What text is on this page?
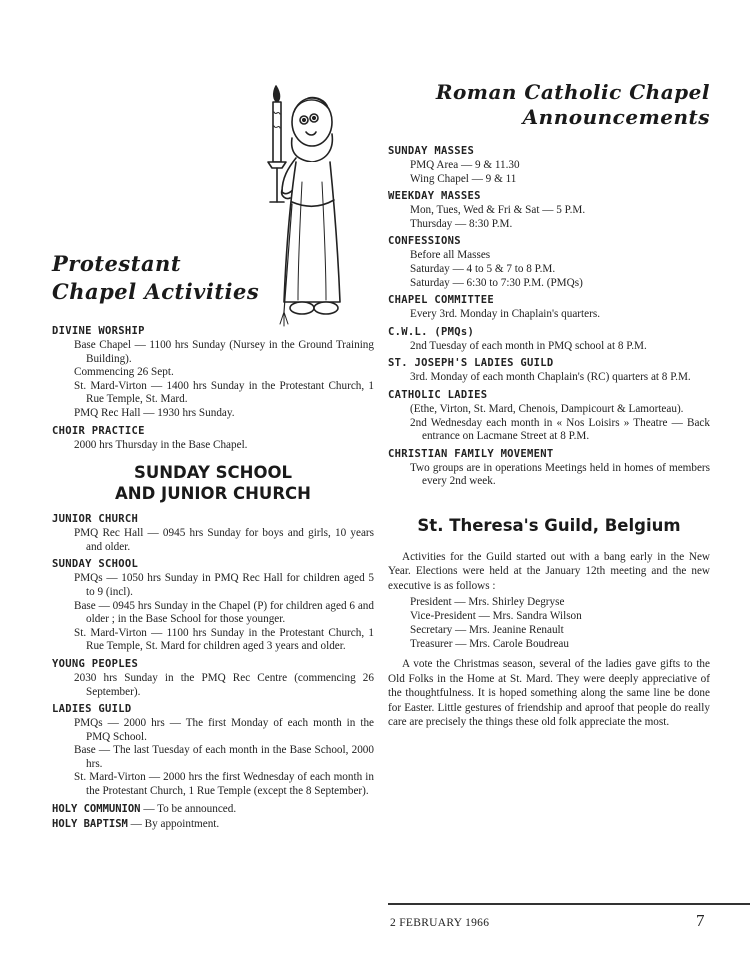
Protestant
Chapel Activities
DIVINE WORSHIP
Base Chapel — 1100 hrs Sunday (Nursey in the Ground Training Building).
Commencing 26 Sept.
St. Mard-Virton — 1400 hrs Sunday in the Protestant Church, 1 Rue Temple, St. Mard.
PMQ Rec Hall — 1930 hrs Sunday.
CHOIR PRACTICE
2000 hrs Thursday in the Base Chapel.
SUNDAY SCHOOL
AND JUNIOR CHURCH
JUNIOR CHURCH
PMQ Rec Hall — 0945 hrs Sunday for boys and girls, 10 years and older.
SUNDAY SCHOOL
PMQs — 1050 hrs Sunday in PMQ Rec Hall for children aged 5 to 9 (incl).
Base — 0945 hrs Sunday in the Chapel (P) for children aged 6 and older ; in the Base School for those younger.
St. Mard-Virton — 1100 hrs Sunday in the Protestant Church, 1 Rue Temple, St. Mard for children aged 3 years and older.
YOUNG PEOPLES
2030 hrs Sunday in the PMQ Rec Centre (commencing 26 September).
LADIES GUILD
PMQs — 2000 hrs — The first Monday of each month in the PMQ School.
Base — The last Tuesday of each month in the Base School, 2000 hrs.
St. Mard-Virton — 2000 hrs the first Wednesday of each month in the Protestant Church, 1 Rue Temple (except the 8 September).
HOLY COMMUNION — To be announced.
HOLY BAPTISM — By appointment.
Roman Catholic Chapel
Announcements
SUNDAY MASSES
PMQ Area — 9 & 11.30
Wing Chapel — 9 & 11
WEEKDAY MASSES
Mon, Tues, Wed & Fri & Sat — 5 P.M.
Thursday — 8:30 P.M.
CONFESSIONS
Before all Masses
Saturday — 4 to 5 & 7 to 8 P.M.
Saturday — 6:30 to 7:30 P.M. (PMQs)
CHAPEL COMMITTEE
Every 3rd. Monday in Chaplain's quarters.
C.W.L. (PMQs)
2nd Tuesday of each month in PMQ school at 8 P.M.
ST. JOSEPH'S LADIES GUILD
3rd. Monday of each month Chaplain's (RC) quarters at 8 P.M.
CATHOLIC LADIES
(Ethe, Virton, St. Mard, Chenois, Dampicourt & Lamorteau).
2nd Wednesday each month in « Nos Loisirs » Theatre — Back entrance on Lacmane Street at 8 P.M.
CHRISTIAN FAMILY MOVEMENT
Two groups are in operations Meetings held in homes of members every 2nd week.
St. Theresa's Guild, Belgium
Activities for the Guild started out with a bang early in the New Year. Elections were held at the January 12th meeting and the new executive is as follows :
President — Mrs. Shirley Degryse
Vice-President — Mrs. Sandra Wilson
Secretary — Mrs. Jeanine Renault
Treasurer — Mrs. Carole Boudreau
A vote the Christmas season, several of the ladies gave gifts to the Old Folks in the Home at St. Mard. They were deeply appreciative of the thoughtfulness. It is hoped something along the same line be done for Easter. Little gestures of friendship and aproof that people do really care are precisely the things these old folk appreciate the most.
2 FEBRUARY 1966	7
